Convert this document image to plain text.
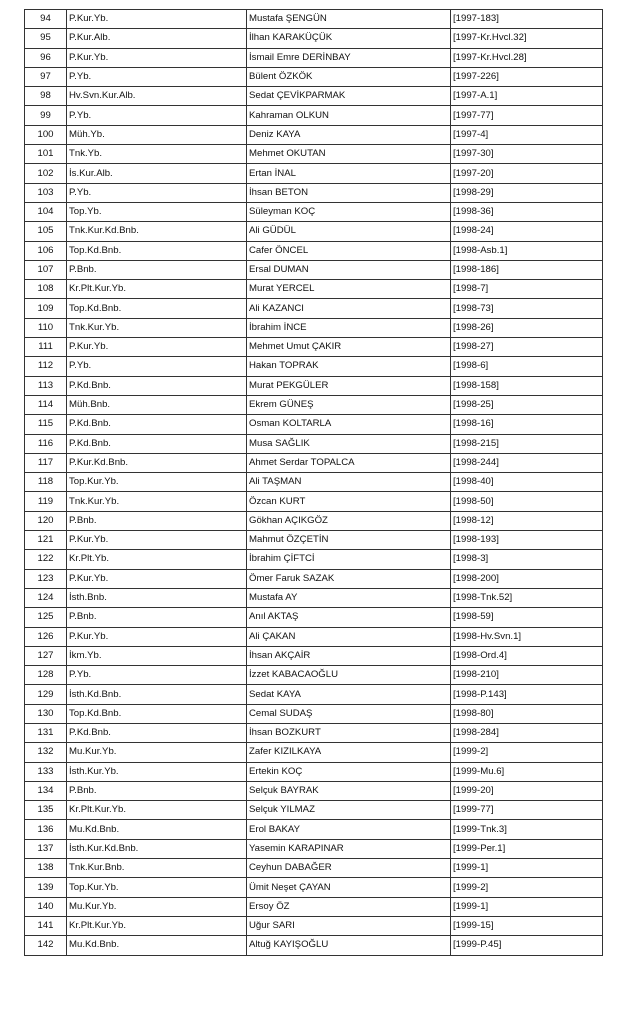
94	P.Kur.Yb.	Mustafa ŞENGÜN	[1997-183]
95	P.Kur.Alb.	İlhan KARAKÜÇÜK	[1997-Kr.Hvcl.32]
96	P.Kur.Yb.	İsmail Emre DERİNBAY	[1997-Kr.Hvcl.28]
97	P.Yb.	Bülent ÖZKÖK	[1997-226]
98	Hv.Svn.Kur.Alb.	Sedat ÇEVİKPARMAK	[1997-A.1]
99	P.Yb.	Kahraman OLKUN	[1997-77]
100	Müh.Yb.	Deniz KAYA	[1997-4]
101	Tnk.Yb.	Mehmet OKUTAN	[1997-30]
102	İs.Kur.Alb.	Ertan İNAL	[1997-20]
103	P.Yb.	İhsan BETON	[1998-29]
104	Top.Yb.	Süleyman KOÇ	[1998-36]
105	Tnk.Kur.Kd.Bnb.	Ali GÜDÜL	[1998-24]
106	Top.Kd.Bnb.	Cafer ÖNCEL	[1998-Asb.1]
107	P.Bnb.	Ersal DUMAN	[1998-186]
108	Kr.Plt.Kur.Yb.	Murat YERCEL	[1998-7]
109	Top.Kd.Bnb.	Ali KAZANCI	[1998-73]
110	Tnk.Kur.Yb.	İbrahim İNCE	[1998-26]
111	P.Kur.Yb.	Mehmet Umut ÇAKIR	[1998-27]
112	P.Yb.	Hakan TOPRAK	[1998-6]
113	P.Kd.Bnb.	Murat PEKGÜLER	[1998-158]
114	Müh.Bnb.	Ekrem GÜNEŞ	[1998-25]
115	P.Kd.Bnb.	Osman KOLTARLA	[1998-16]
116	P.Kd.Bnb.	Musa SAĞLIK	[1998-215]
117	P.Kur.Kd.Bnb.	Ahmet Serdar TOPALCA	[1998-244]
118	Top.Kur.Yb.	Ali TAŞMAN	[1998-40]
119	Tnk.Kur.Yb.	Özcan KURT	[1998-50]
120	P.Bnb.	Gökhan AÇIKGÖZ	[1998-12]
121	P.Kur.Yb.	Mahmut ÖZÇETİN	[1998-193]
122	Kr.Plt.Yb.	İbrahim ÇİFTCİ	[1998-3]
123	P.Kur.Yb.	Ömer Faruk SAZAK	[1998-200]
124	İsth.Bnb.	Mustafa AY	[1998-Tnk.52]
125	P.Bnb.	Anıl AKTAŞ	[1998-59]
126	P.Kur.Yb.	Ali ÇAKAN	[1998-Hv.Svn.1]
127	İkm.Yb.	İhsan AKÇAİR	[1998-Ord.4]
128	P.Yb.	İzzet KABACAOĞLU	[1998-210]
129	İsth.Kd.Bnb.	Sedat KAYA	[1998-P.143]
130	Top.Kd.Bnb.	Cemal SUDAŞ	[1998-80]
131	P.Kd.Bnb.	İhsan BOZKURT	[1998-284]
132	Mu.Kur.Yb.	Zafer KIZILKAYA	[1999-2]
133	İsth.Kur.Yb.	Ertekin KOÇ	[1999-Mu.6]
134	P.Bnb.	Selçuk BAYRAK	[1999-20]
135	Kr.Plt.Kur.Yb.	Selçuk YILMAZ	[1999-77]
136	Mu.Kd.Bnb.	Erol BAKAY	[1999-Tnk.3]
137	İsth.Kur.Kd.Bnb.	Yasemin KARAPINAR	[1999-Per.1]
138	Tnk.Kur.Bnb.	Ceyhun DABAĞER	[1999-1]
139	Top.Kur.Yb.	Ümit Neşet ÇAYAN	[1999-2]
140	Mu.Kur.Yb.	Ersoy ÖZ	[1999-1]
141	Kr.Plt.Kur.Yb.	Uğur SARI	[1999-15]
142	Mu.Kd.Bnb.	Altuğ KAYIŞOĞLU	[1999-P.45]
